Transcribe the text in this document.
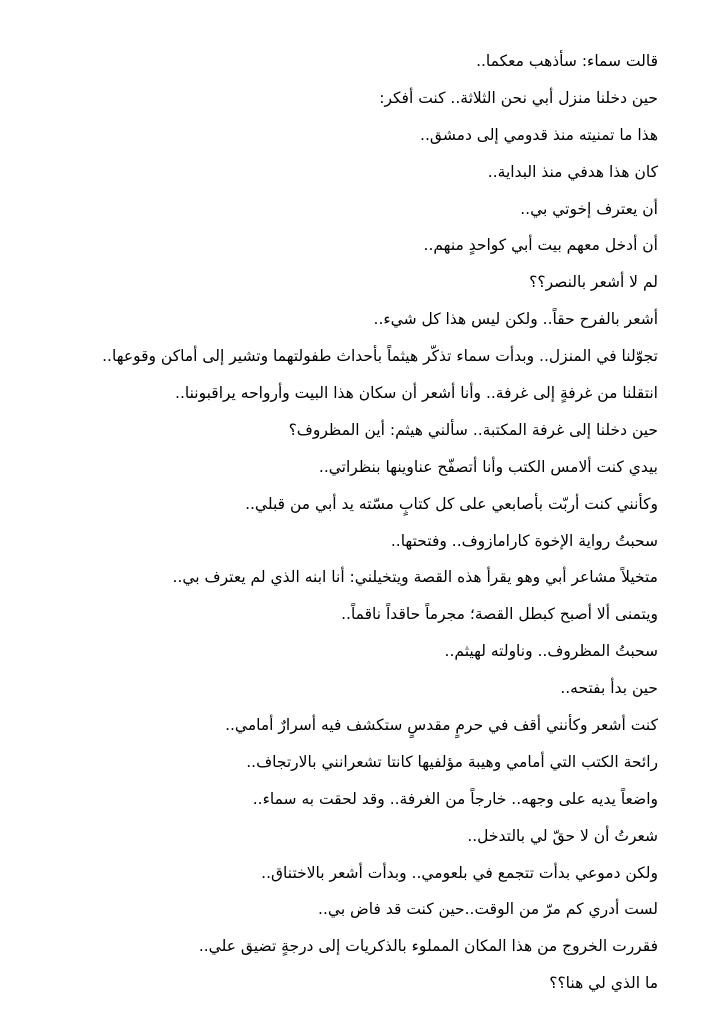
قالت سماء: سأذهب معكما..
حين دخلنا منزل أبي نحن الثلاثة.. كنت أفكر:
هذا ما تمنيته منذ قدومي إلى دمشق..
كان هذا هدفي منذ البداية..
أن يعترف إخوتي بي..
أن أدخل معهم بيت أبي كواحدٍ منهم..
لم لا أشعر بالنصر؟؟
أشعر بالفرح حقاً.. ولكن ليس هذا كل شيء..
تجوّلنا في المنزل.. وبدأت سماء تذكّر هيثماً بأحداث طفولتهما وتشير إلى أماكن وقوعها..
انتقلنا من غرفةٍ إلى غرفة.. وأنا أشعر أن سكان هذا البيت وأرواحه يراقبوننا..
حين دخلنا إلى غرفة المكتبة.. سألني هيثم: أين المظروف؟
بيدي كنت ألامس الكتب وأنا أتصفّح عناوينها بنظراتي..
وكأنني كنت أربّت بأصابعي على كل كتابٍ مسّته يد أبي من قبلي..
سحبتُ رواية الإخوة كارامازوف.. وفتحتها..
متخيلاً مشاعر أبي وهو يقرأ هذه القصة ويتخيلني: أنا ابنه الذي لم يعترف بي..
ويتمنى ألا أصبح كبطل القصة؛ مجرماً حاقداً ناقماً..
سحبتُ المظروف.. وناولته لهيثم..
حين بدأ بفتحه..
كنت أشعر وكأنني أقف في حرمٍ مقدسٍ ستكشف فيه أسرارٌ أمامي..
رائحة الكتب التي أمامي وهيبة مؤلفيها كانتا تشعرانني بالارتجاف..
واضعاً يديه على وجهه.. خارجاً من الغرفة.. وقد لحقت به سماء..
شعرتُ أن لا حقّ لي بالتدخل..
ولكن دموعي بدأت تتجمع في بلعومي.. وبدأت أشعر بالاختناق..
لست أدري كم مرّ من الوقت..حين كنت قد فاض بي..
فقررت الخروج من هذا المكان المملوء بالذكريات إلى درجةٍ تضيق علي..
ما الذي لي هنا؟؟
